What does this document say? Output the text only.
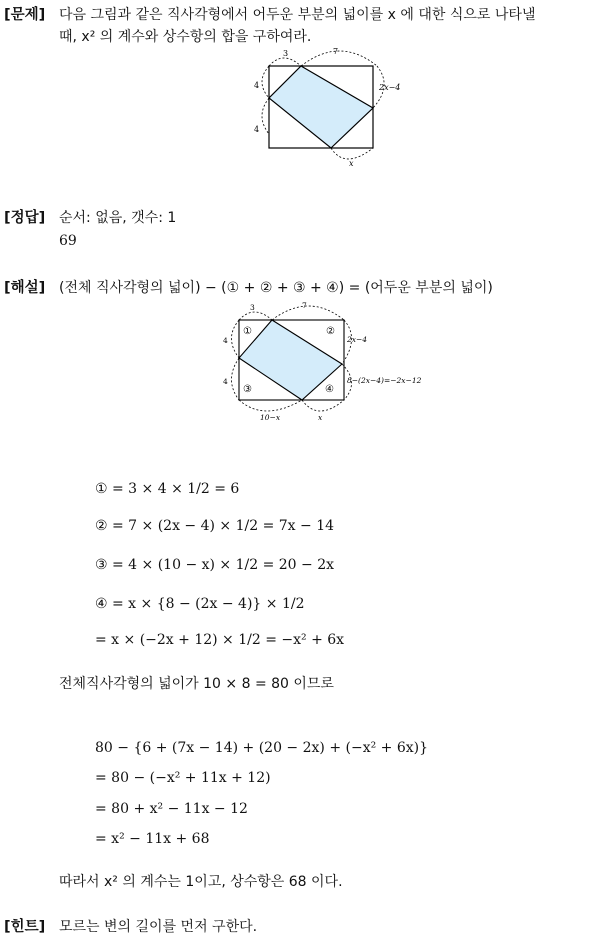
[문제] 다음 그림과 같은 직사각형에서 어두운 부분의 넓이를 x 에 대한 식으로 나타낼
때, x² 의 계수와 상수항의 합을 구하여라.
3	7
4
4
2x−4
x
[정답] 순서: 없음, 갯수: 1
69
[해설] (전체 직사각형의 넓이) − (① + ② + ③ + ④) = (어두운 부분의 넓이)
3	7
4
4
2x−4
8−(2x−4)=−2x−12
10−x	x
①	②
③	④
① = 3 × 4 × 1/2 = 6
② = 7 × (2x − 4) × 1/2 = 7x − 14
③ = 4 × (10 − x) × 1/2 = 20 − 2x
④ = x × {8 − (2x − 4)} × 1/2
= x × (−2x + 12) × 1/2 = −x² + 6x
전체직사각형의 넓이가 10 × 8 = 80 이므로
80 − {6 + (7x − 14) + (20 − 2x) + (−x² + 6x)}
= 80 − (−x² + 11x + 12)
= 80 + x² − 11x − 12
= x² − 11x + 68
따라서 x² 의 계수는 1이고, 상수항은 68 이다.
[힌트] 모르는 변의 길이를 먼저 구한다.
